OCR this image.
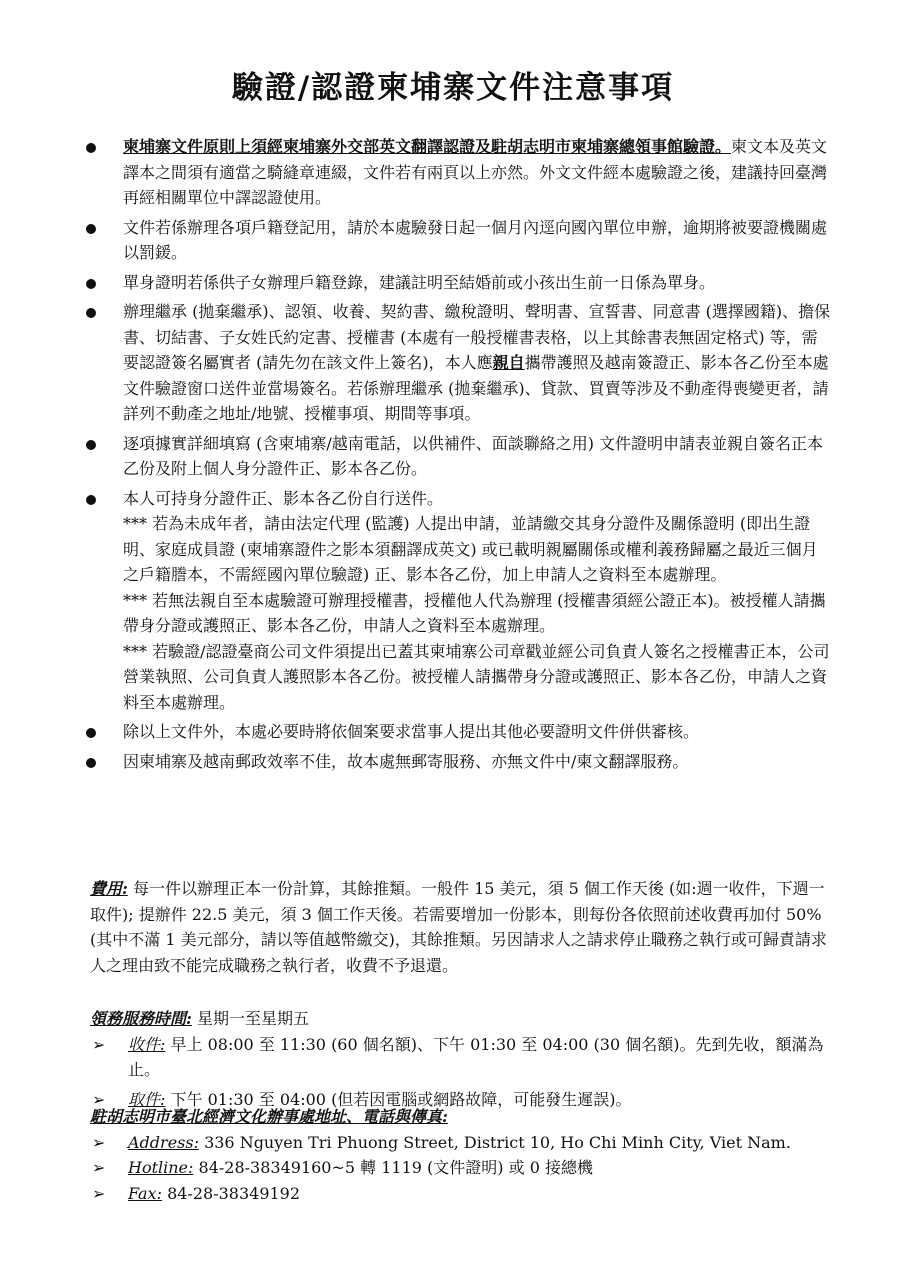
驗證/認證柬埔寨文件注意事項
柬埔寨文件原則上須經柬埔寨外交部英文翻譯認證及駐胡志明市柬埔寨總領事館驗證。柬文本及英文譯本之間須有適當之騎縫章連綴，文件若有兩頁以上亦然。外文文件經本處驗證之後，建議持回臺灣再經相關單位中譯認證使用。
文件若係辦理各項戶籍登記用，請於本處驗發日起一個月內逕向國內單位申辦，逾期將被要證機關處以罰鍰。
單身證明若係供子女辦理戶籍登錄，建議註明至結婚前或小孩出生前一日係為單身。
辦理繼承 (拋棄繼承)、認領、收養、契約書、繳稅證明、聲明書、宣誓書、同意書 (選擇國籍)、擔保書、切結書、子女姓氏約定書、授權書 (本處有一般授權書表格，以上其餘書表無固定格式) 等，需要認證簽名屬實者 (請先勿在該文件上簽名)，本人應親自攜帶護照及越南簽證正、影本各乙份至本處文件驗證窗口送件並當場簽名。若係辦理繼承 (拋棄繼承)、貸款、買賣等涉及不動產得喪變更者，請詳列不動產之地址/地號、授權事項、期間等事項。
逐項據實詳細填寫 (含柬埔寨/越南電話，以供補件、面談聯絡之用) 文件證明申請表並親自簽名正本乙份及附上個人身分證件正、影本各乙份。
本人可持身分證件正、影本各乙份自行送件。
*** 若為未成年者，請由法定代理 (監護) 人提出申請，並請繳交其身分證件及關係證明 (即出生證明、家庭成員證 (柬埔寨證件之影本須翻譯成英文) 或已載明親屬關係或權利義務歸屬之最近三個月之戶籍謄本，不需經國內單位驗證) 正、影本各乙份，加上申請人之資料至本處辦理。
*** 若無法親自至本處驗證可辦理授權書，授權他人代為辦理 (授權書須經公證正本)。被授權人請攜帶身分證或護照正、影本各乙份，申請人之資料至本處辦理。
*** 若驗證/認證臺商公司文件須提出已蓋其柬埔寨公司章戳並經公司負責人簽名之授權書正本，公司營業執照、公司負責人護照影本各乙份。被授權人請攜帶身分證或護照正、影本各乙份，申請人之資料至本處辦理。
除以上文件外，本處必要時將依個案要求當事人提出其他必要證明文件併供審核。
因柬埔寨及越南郵政效率不佳，故本處無郵寄服務、亦無文件中/柬文翻譯服務。
費用: 每一件以辦理正本一份計算，其餘推類。一般件 15 美元，須 5 個工作天後 (如:週一收件，下週一取件); 提辦件 22.5 美元，須 3 個工作天後。若需要增加一份影本，則每份各依照前述收費再加付 50% (其中不滿 1 美元部分，請以等值越幣繳交)，其餘推類。另因請求人之請求停止職務之執行或可歸責請求人之理由致不能完成職務之執行者，收費不予退還。
領務服務時間: 星期一至星期五
➢ 收件: 早上 08:00 至 11:30 (60 個名額)、下午 01:30 至 04:00 (30 個名額)。先到先收，額滿為止。
➢ 取件: 下午 01:30 至 04:00 (但若因電腦或網路故障，可能發生遲誤)。
駐胡志明市臺北經濟文化辦事處地址、電話與傳真:
➢ Address: 336 Nguyen Tri Phuong Street, District 10, Ho Chi Minh City, Viet Nam.
➢ Hotline: 84-28-38349160~5 轉 1119 (文件證明) 或 0 接總機
➢ Fax: 84-28-38349192
